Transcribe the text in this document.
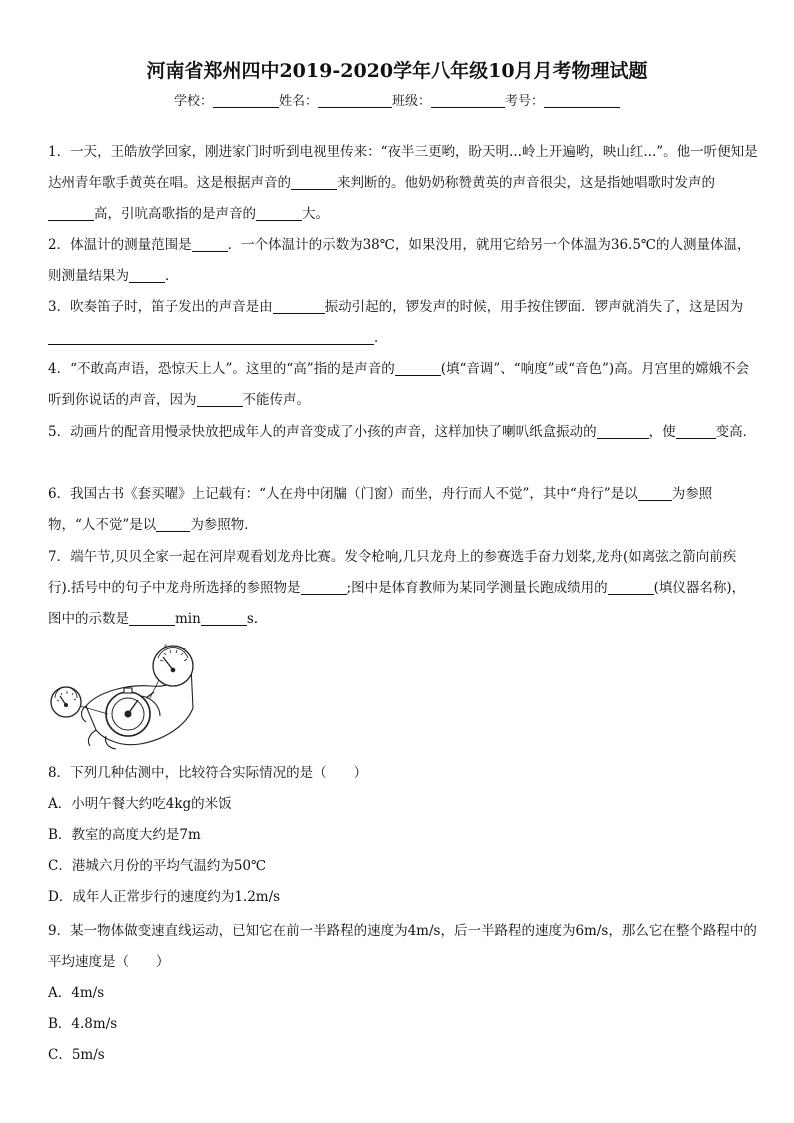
河南省郑州四中2019-2020学年八年级10月月考物理试题
学校：	姓名：	班级：	考号：
1．一天，王皓放学回家，刚进家门时听到电视里传来：“夜半三更哟，盼天明...岭上开遍哟，映山红...”。他一听便知是达州青年歌手黄英在唱。这是根据声音的	来判断的。他奶奶称赞黄英的声音很尖，这是指她唱歌时发声的高，引吭高歌指的是声音的	大。
2．体温计的测量范围是	．一个体温计的示数为38℃，如果没用，就用它给另一个体温为36.5℃的人测量体温，则测量结果为	．
3．吹奏笛子时，笛子发出的声音是由	振动引起的，锣发声的时候，用手按住锣面．锣声就消失了，这是因为．
4．“不敢高声语，恐惊天上人”。这里的“高”指的是声音的	(填“音调”、“响度”或“音色”)高。月宫里的嫦娥不会听到你说话的声音，因为	不能传声。
5．动画片的配音用慢录快放把成年人的声音变成了小孩的声音，这样加快了喇叭纸盒振动的	，使	变高．
6．我国古书《套买曜》上记载有：“人在舟中闭牖（门窗）而坐，舟行而人不觉”，其中“舟行”是以	为参照物，“人不觉”是以	为参照物．
7．端午节,贝贝全家一起在河岸观看划龙舟比赛。发令枪响,几只龙舟上的参赛选手奋力划桨,龙舟(如离弦之箭向前疾行).括号中的句子中龙舟所选择的参照物是	;图中是体育教师为某同学测量长跑成绩用的	(填仪器名称)，图中的示数是	min	s.
4
5
8．下列几种估测中，比较符合实际情况的是（　　）
A．小明午餐大约吃4kg的米饭
B．教室的高度大约是7m
C．港城六月份的平均气温约为50℃
D．成年人正常步行的速度约为1.2m/s
9．某一物体做变速直线运动，已知它在前一半路程的速度为4m/s，后一半路程的速度为6m/s，那么它在整个路程中的平均速度是（　　）
A．4m/s
B．4.8m/s
C．5m/s
